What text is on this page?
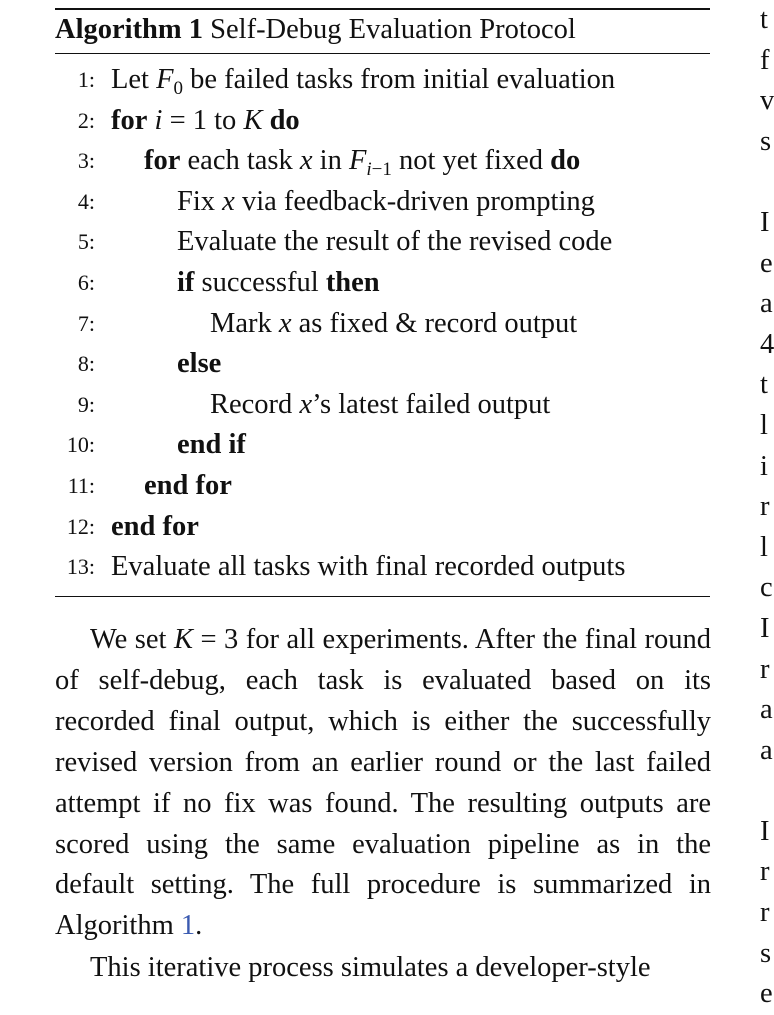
Algorithm 1 Self-Debug Evaluation Protocol
1: Let $F_0$ be failed tasks from initial evaluation
2: for i = 1 to K do
3: for each task x in $F_{i-1}$ not yet fixed do
4:	Fix x via feedback-driven prompting
5:	Evaluate the result of the revised code
6:	if successful then
7:	Mark x as fixed & record output
8:	else
9:	Record x’s latest failed output
10:	end if
11: end for
12: end for
13: Evaluate all tasks with final recorded outputs

We set K = 3 for all experiments. After the final round of self-debug, each task is evaluated based on its recorded final output, which is either the successfully revised version from an earlier round or the last failed attempt if no fix was found. The resulting outputs are scored using the same evaluation pipeline as in the default setting. The full procedure is summarized in Algorithm 1.

This iterative process simulates a developer-style
t
f
v
s

I
e
a
4
t
l
i
r
l
c
I
r
a
a

I
r
r
s
e
